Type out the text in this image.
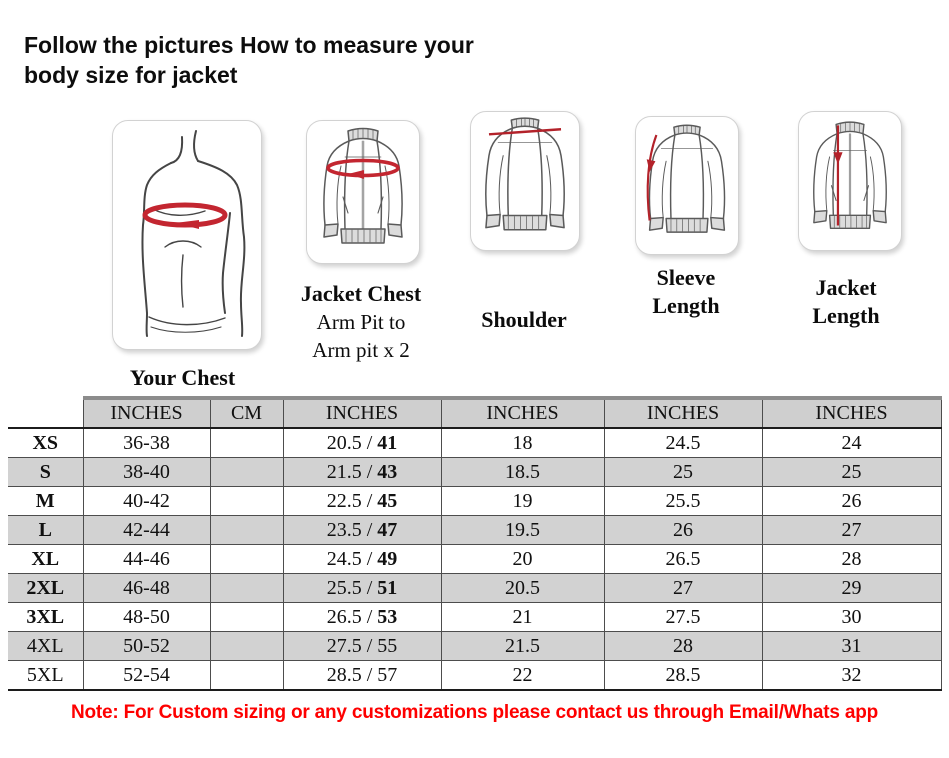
Follow the pictures How to measure your body size for jacket
Your Chest
Jacket Chest
Arm Pit to
Arm pit x 2
Shoulder
Sleeve
Length
Jacket
Length
	INCHES	CM	INCHES	INCHES	INCHES	INCHES
XS	36-38		20.5 / 41	18	24.5	24
S	38-40		21.5 / 43	18.5	25	25
M	40-42		22.5 / 45	19	25.5	26
L	42-44		23.5 / 47	19.5	26	27
XL	44-46		24.5 / 49	20	26.5	28
2XL	46-48		25.5 / 51	20.5	27	29
3XL	48-50		26.5 / 53	21	27.5	30
4XL	50-52		27.5 / 55	21.5	28	31
5XL	52-54		28.5 / 57	22	28.5	32
Note: For Custom sizing or any customizations please contact us through Email/Whats app
